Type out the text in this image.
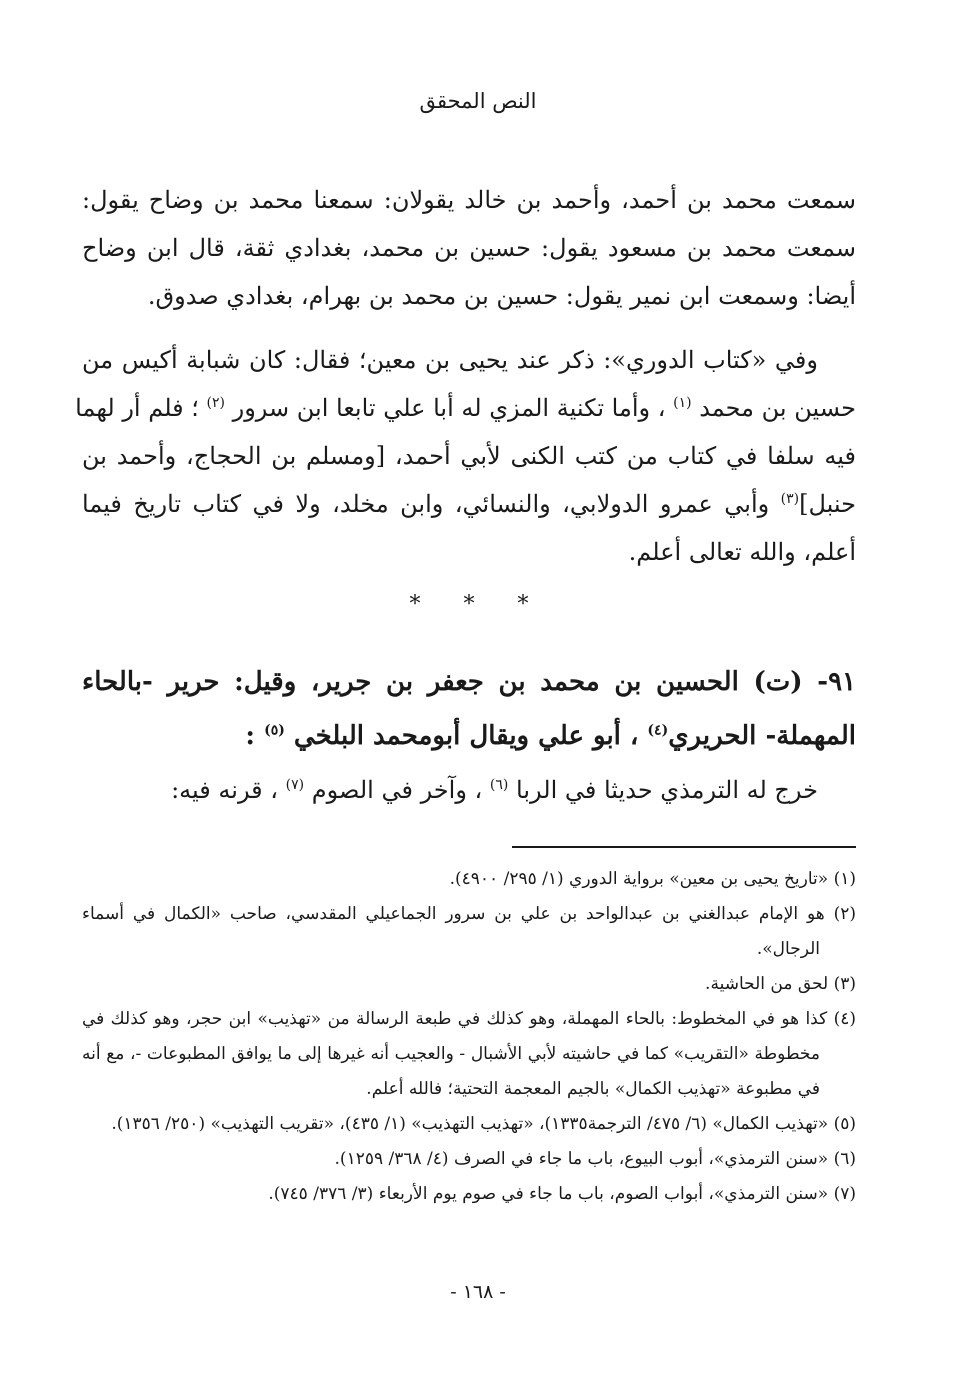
النص المحقق
سمعت محمد بن أحمد، وأحمد بن خالد يقولان: سمعنا محمد بن وضاح يقول:
سمعت محمد بن مسعود يقول: حسين بن محمد، بغدادي ثقة، قال ابن وضاح
أيضا: وسمعت ابن نمير يقول: حسين بن محمد بن بهرام، بغدادي صدوق.
وفي «كتاب الدوري»: ذكر عند يحيى بن معين؛ فقال: كان شبابة أكيس من
حسين بن محمد $^{(١)}$ ، وأما تكنية المزي له أبا علي تابعا ابن سرور $^{(٢)}$ ؛ فلم أر لهما
فيه سلفا في كتاب من كتب الكنى لأبي أحمد، [ومسلم بن الحجاج، وأحمد بن
حنبل]$^{(٣)}$ وأبي عمرو الدولابي، والنسائي، وابن مخلد، ولا في كتاب تاريخ فيما
أعلم، والله تعالى أعلم.
* * *
٩١- (ت) الحسين بن محمد بن جعفر بن جرير، وقيل: حرير -بالحاء
المهملة- الحريري$^{(٤)}$ ، أبو علي ويقال أبومحمد البلخي $^{(٥)}$ :
خرج له الترمذي حديثا في الربا $^{(٦)}$ ، وآخر في الصوم $^{(٧)}$ ، قرنه فيه:
(١) «تاريخ يحيى بن معين» برواية الدوري (١/ ٢٩٥/ ٤٩٠٠).
(٢) هو الإمام عبدالغني بن عبدالواحد بن علي بن سرور الجماعيلي المقدسي، صاحب «الكمال في أسماء الرجال».
(٣) لحق من الحاشية.
(٤) كذا هو في المخطوط: بالحاء المهملة، وهو كذلك في طبعة الرسالة من «تهذيب» ابن حجر، وهو كذلك في مخطوطة «التقريب» كما في حاشيته لأبي الأشبال - والعجيب أنه غيرها إلى ما يوافق المطبوعات -، مع أنه في مطبوعة «تهذيب الكمال» بالجيم المعجمة التحتية؛ فالله أعلم.
(٥) «تهذيب الكمال» (٦/ ٤٧٥/ الترجمة١٣٣٥)، «تهذيب التهذيب» (١/ ٤٣٥)، «تقريب التهذيب» (٢٥٠/ ١٣٥٦).
(٦) «سنن الترمذي»، أبوب البيوع، باب ما جاء في الصرف (٤/ ٣٦٨/ ١٢٥٩).
(٧) «سنن الترمذي»، أبواب الصوم، باب ما جاء في صوم يوم الأربعاء (٣/ ٣٧٦/ ٧٤٥).
- ١٦٨ -
